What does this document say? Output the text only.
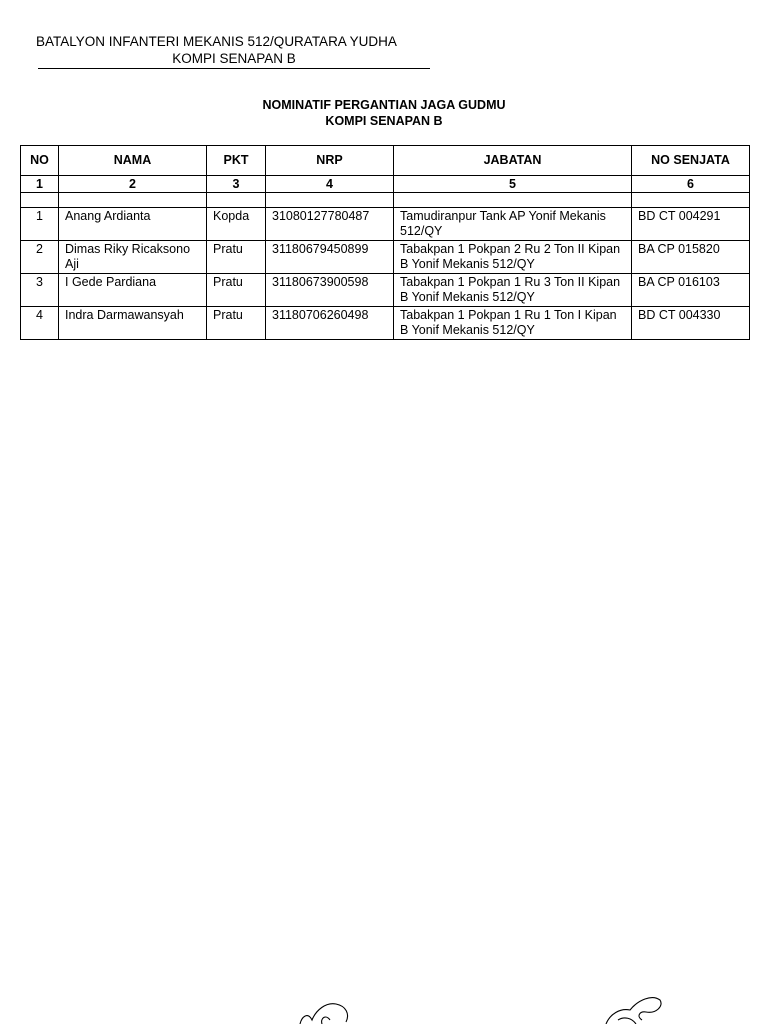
BATALYON INFANTERI MEKANIS 512/QURATARA YUDHA
KOMPI SENAPAN B
NOMINATIF PERGANTIAN JAGA GUDMU
KOMPI SENAPAN B
NO	NAMA	PKT	NRP	JABATAN	NO SENJATA
1	2	3	4	5	6

1	Anang Ardianta	Kopda	31080127780487	Tamudiranpur Tank AP Yonif Mekanis 512/QY	BD CT 004291
2	Dimas Riky Ricaksono Aji	Pratu	31180679450899	Tabakpan 1 Pokpan 2 Ru 2 Ton II Kipan B Yonif Mekanis 512/QY	BA CP 015820
3	I Gede Pardiana	Pratu	31180673900598	Tabakpan 1 Pokpan 1 Ru 3 Ton II Kipan B Yonif Mekanis 512/QY	BA CP 016103
4	Indra Darmawansyah	Pratu	31180706260498	Tabakpan 1 Pokpan 1 Ru 1 Ton I Kipan B Yonif Mekanis 512/QY	BD CT 004330
